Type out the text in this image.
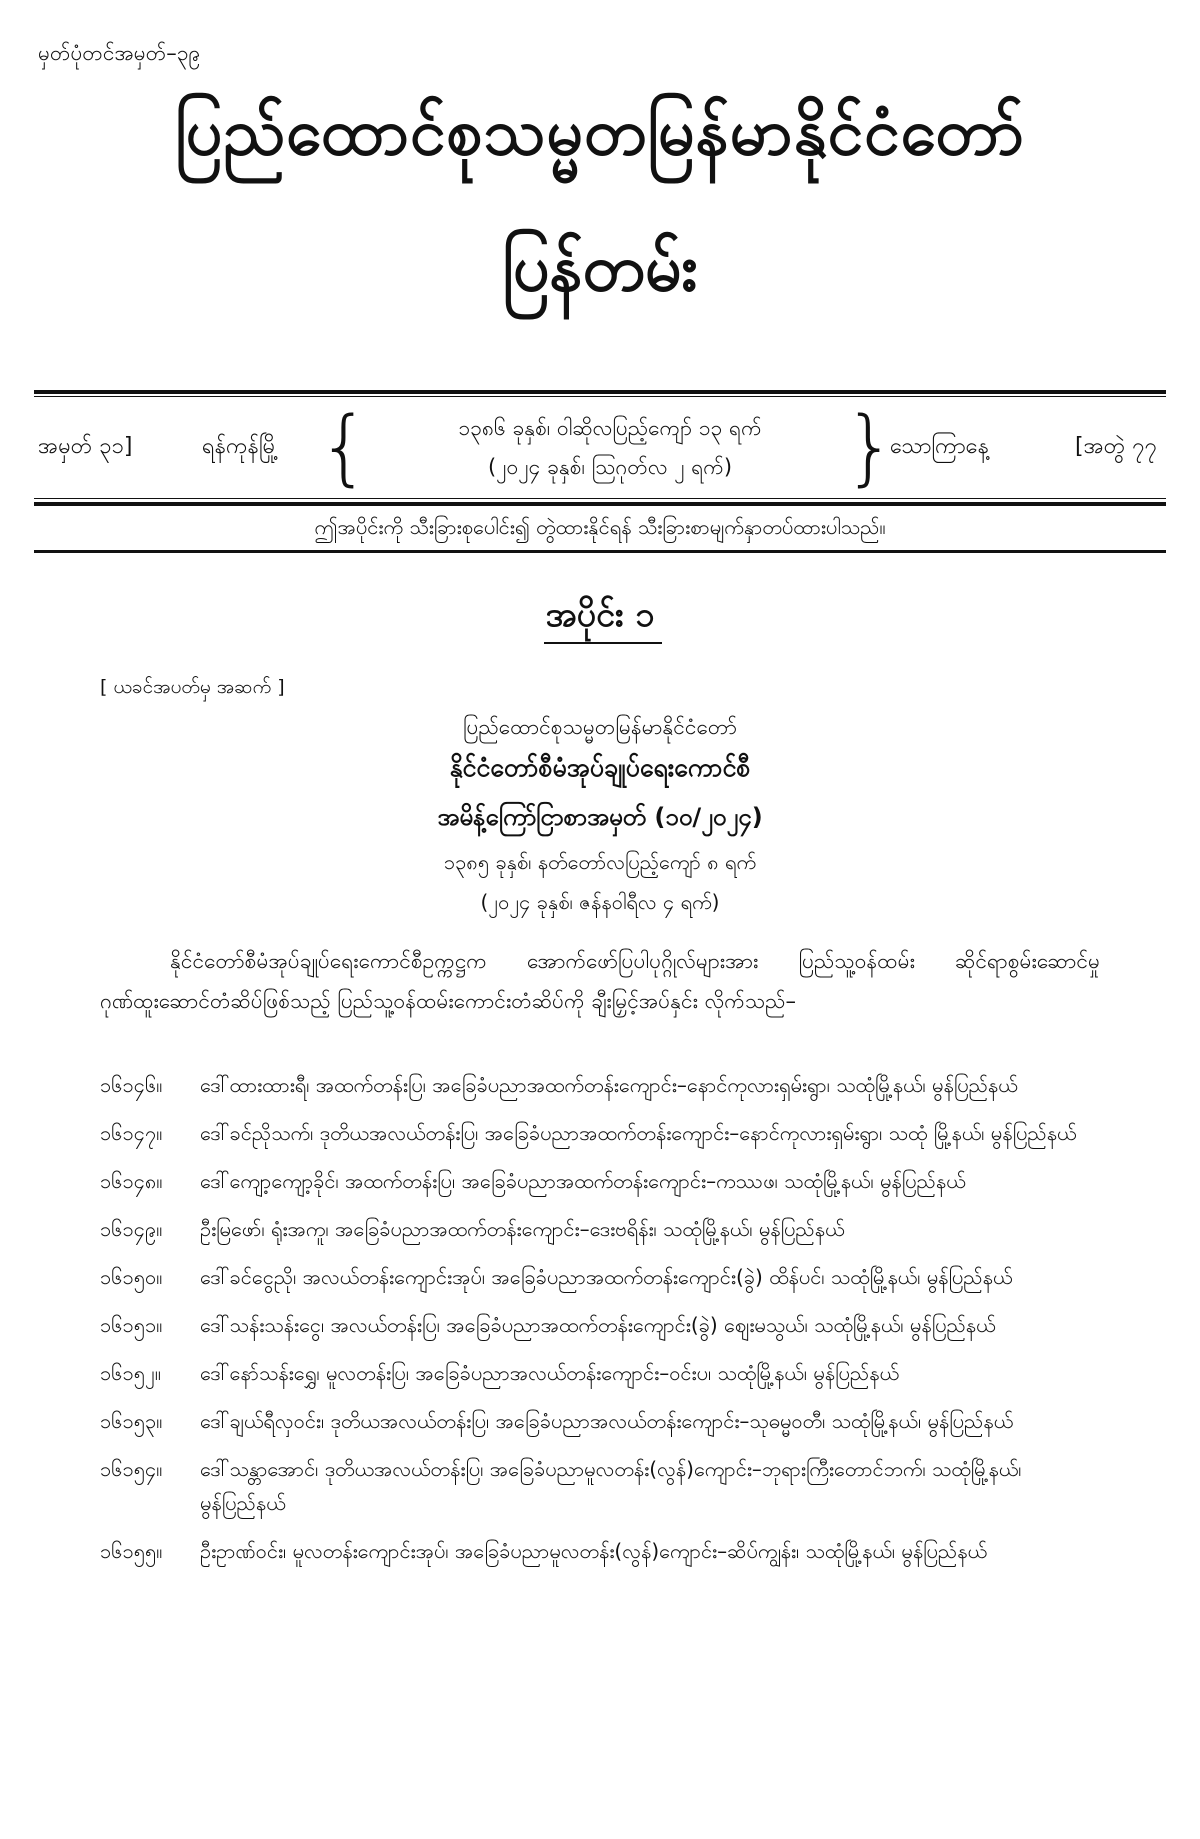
မှတ်ပုံတင်အမှတ်–၃၉
ပြည်ထောင်စုသမ္မတမြန်မာနိုင်ငံတော်
ပြန်တမ်း
အမှတ် ၃၁]	ရန်ကုန်မြို့ {	၁၃၈၆ ခုနှစ်၊ ဝါဆိုလပြည့်ကျော် ၁၃ ရက်
(၂၀၂၄ ခုနှစ်၊ ဩဂုတ်လ ၂ ရက်)	}
သောကြာနေ့	[အတွဲ ၇၇
ဤအပိုင်းကို သီးခြားစုပေါင်း၍ တွဲထားနိုင်ရန် သီးခြားစာမျက်နှာတပ်ထားပါသည်။
အပိုင်း ၁
[ ယခင်အပတ်မှ အဆက် ]
ပြည်ထောင်စုသမ္မတမြန်မာနိုင်ငံတော်
နိုင်ငံတော်စီမံအုပ်ချုပ်ရေးကောင်စီ
အမိန့်ကြော်ငြာစာအမှတ် (၁၀/၂၀၂၄)
၁၃၈၅ ခုနှစ်၊ နတ်တော်လပြည့်ကျော် ၈ ရက်
(၂၀၂၄ ခုနှစ်၊ ဇန်နဝါရီလ ၄ ရက်)
နိုင်ငံတော်စီမံအုပ်ချုပ်ရေးကောင်စီဥက္ကဋ္ဌက အောက်ဖော်ပြပါပုဂ္ဂိုလ်များအား ပြည်သူ့ဝန်ထမ်း ဆိုင်ရာစွမ်းဆောင်မှု ဂုဏ်ထူးဆောင်တံဆိပ်ဖြစ်သည့် ပြည်သူ့ဝန်ထမ်းကောင်းတံဆိပ်ကို ချီးမြှင့်အပ်နှင်း လိုက်သည်–
၁၆၁၄၆။	ဒေါ်ထားထားရီ၊ အထက်တန်းပြ၊ အခြေခံပညာအထက်တန်းကျောင်း–နောင်ကုလားရှမ်းရွာ၊ သထုံမြို့နယ်၊ မွန်ပြည်နယ်
၁၆၁၄၇။	ဒေါ်ခင်ညိုသက်၊ ဒုတိယအလယ်တန်းပြ၊ အခြေခံပညာအထက်တန်းကျောင်း–နောင်ကုလားရှမ်းရွာ၊ သထုံ မြို့နယ်၊ မွန်ပြည်နယ်
၁၆၁၄၈။	ဒေါ်ကျော့ကျော့ခိုင်၊ အထက်တန်းပြ၊ အခြေခံပညာအထက်တန်းကျောင်း–ကဿဖ၊ သထုံမြို့နယ်၊ မွန်ပြည်နယ်
၁၆၁၄၉။	ဦးမြဖော်၊ ရုံးအကူ၊ အခြေခံပညာအထက်တန်းကျောင်း–ဒေးဗရိန်း၊ သထုံမြို့နယ်၊ မွန်ပြည်နယ်
၁၆၁၅၀။	ဒေါ်ခင်ငွေညို၊ အလယ်တန်းကျောင်းအုပ်၊ အခြေခံပညာအထက်တန်းကျောင်း(ခွဲ) ထိန်ပင်၊ သထုံမြို့နယ်၊ မွန်ပြည်နယ်
၁၆၁၅၁။	ဒေါ်သန်းသန်းငွေ၊ အလယ်တန်းပြ၊ အခြေခံပညာအထက်တန်းကျောင်း(ခွဲ) စျေးမသွယ်၊ သထုံမြို့နယ်၊ မွန်ပြည်နယ်
၁၆၁၅၂။	ဒေါ်နော်သန်းရွှေ၊ မူလတန်းပြ၊ အခြေခံပညာအလယ်တန်းကျောင်း–ဝင်းပ၊ သထုံမြို့နယ်၊ မွန်ပြည်နယ်
၁၆၁၅၃။	ဒေါ်ချယ်ရီလှဝင်း၊ ဒုတိယအလယ်တန်းပြ၊ အခြေခံပညာအလယ်တန်းကျောင်း–သုဓမ္မဝတီ၊ သထုံမြို့နယ်၊ မွန်ပြည်နယ်
၁၆၁၅၄။	ဒေါ်သန္တာအောင်၊ ဒုတိယအလယ်တန်းပြ၊ အခြေခံပညာမူလတန်း(လွန်)ကျောင်း–ဘုရားကြီးတောင်ဘက်၊ သထုံမြို့နယ်၊ မွန်ပြည်နယ်
၁၆၁၅၅။	ဦးဥာဏ်ဝင်း၊ မူလတန်းကျောင်းအုပ်၊ အခြေခံပညာမူလတန်း(လွန်)ကျောင်း–ဆိပ်ကျွန်း၊ သထုံမြို့နယ်၊ မွန်ပြည်နယ်
